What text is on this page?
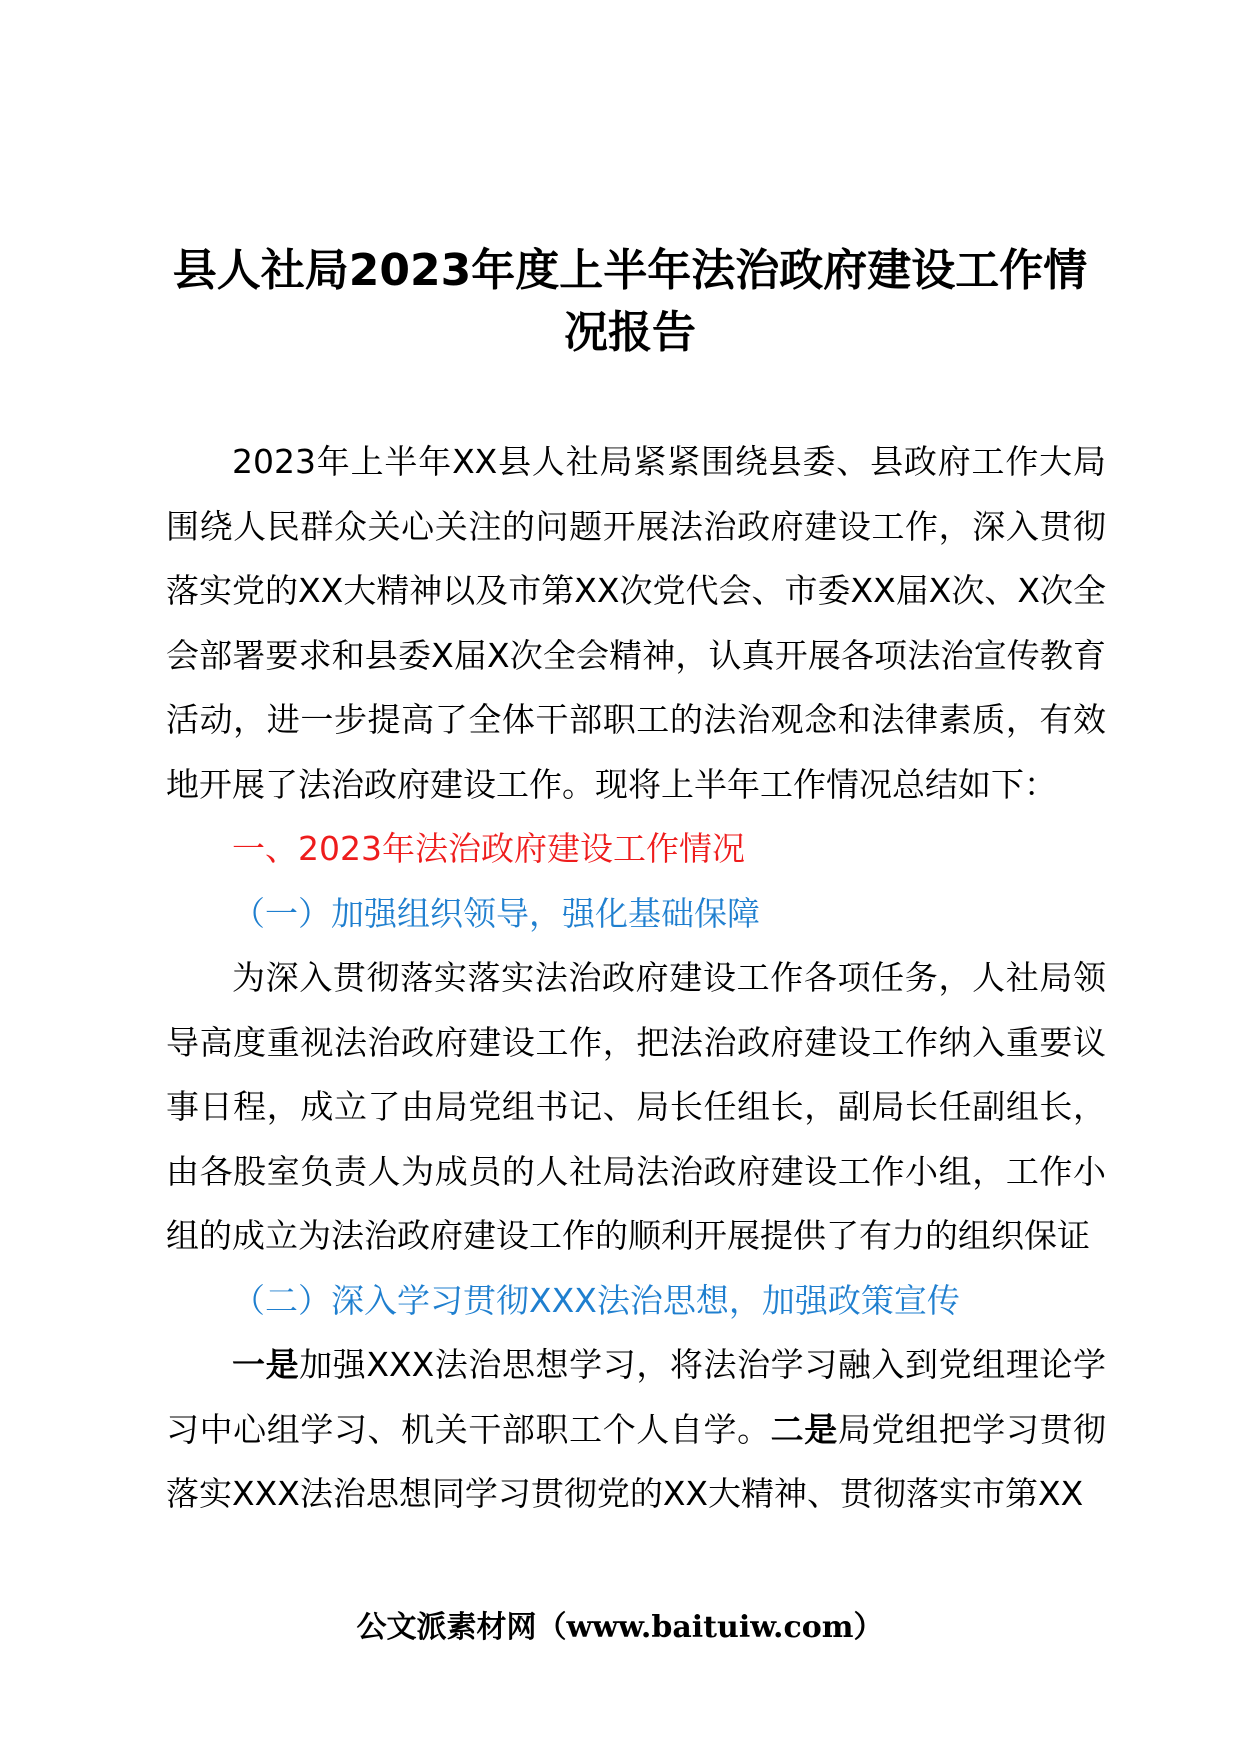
县人社局2023年度上半年法治政府建设工作情况报告

2023年上半年XX县人社局紧紧围绕县委、县政府工作大局围绕人民群众关心关注的问题开展法治政府建设工作，深入贯彻落实党的XX大精神以及市第XX次党代会、市委XX届X次、X次全会部署要求和县委X届X次全会精神，认真开展各项法治宣传教育活动，进一步提高了全体干部职工的法治观念和法律素质，有效地开展了法治政府建设工作。现将上半年工作情况总结如下：

一、2023年法治政府建设工作情况

（一）加强组织领导，强化基础保障

为深入贯彻落实落实法治政府建设工作各项任务，人社局领导高度重视法治政府建设工作，把法治政府建设工作纳入重要议事日程，成立了由局党组书记、局长任组长，副局长任副组长，由各股室负责人为成员的人社局法治政府建设工作小组，工作小组的成立为法治政府建设工作的顺利开展提供了有力的组织保证

（二）深入学习贯彻XXX法治思想，加强政策宣传

一是加强XXX法治思想学习，将法治学习融入到党组理论学习中心组学习、机关干部职工个人自学。二是局党组把学习贯彻落实XXX法治思想同学习贯彻党的XX大精神、贯彻落实市第XX

公文派素材网（www.baituiw.com）
